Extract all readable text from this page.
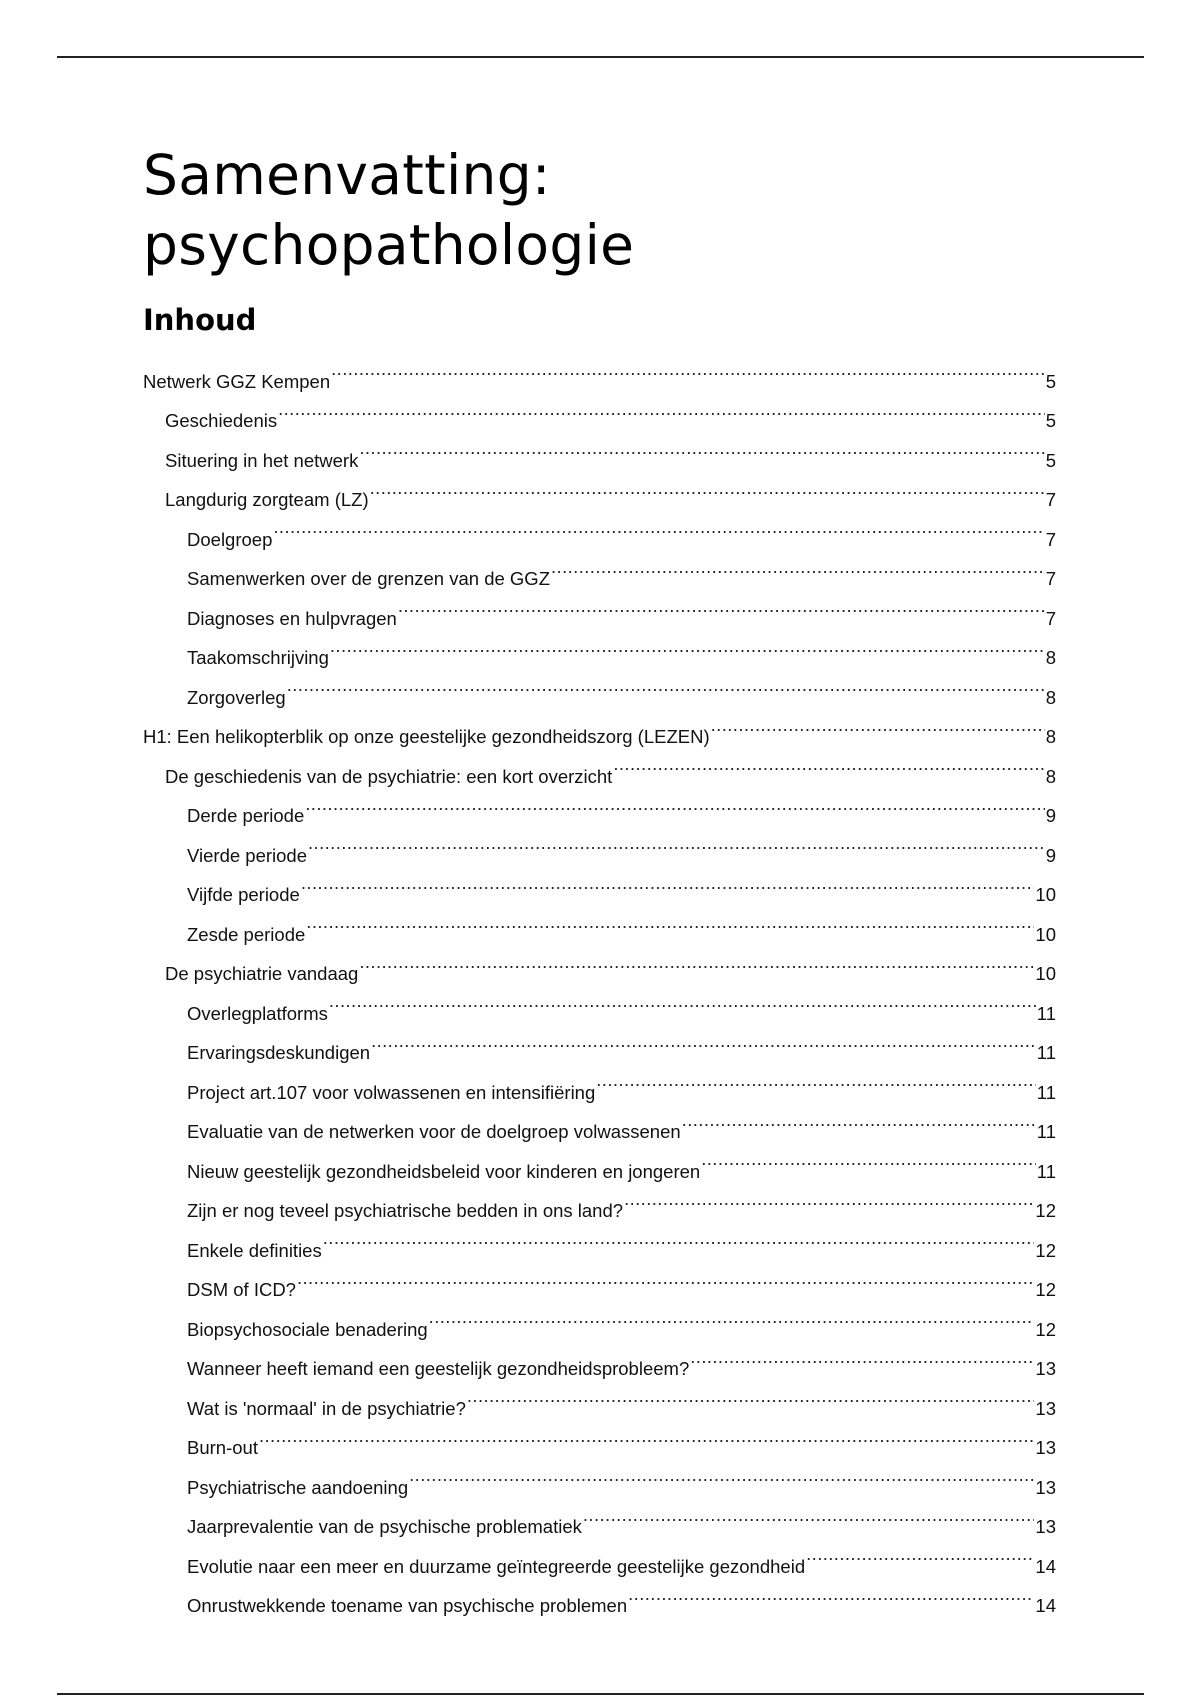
Samenvatting: psychopathologie
Inhoud
Netwerk GGZ Kempen .....	5
Geschiedenis .....	5
Situering in het netwerk .....	5
Langdurig zorgteam (LZ) .....	7
Doelgroep .....	7
Samenwerken over de grenzen van de GGZ .....	7
Diagnoses en hulpvragen .....	7
Taakomschrijving .....	8
Zorgoverleg .....	8
H1: Een helikopterblik op onze geestelijke gezondheidszorg (LEZEN) .....	8
De geschiedenis van de psychiatrie: een kort overzicht .....	8
Derde periode .....	9
Vierde periode .....	9
Vijfde periode .....	10
Zesde periode .....	10
De psychiatrie vandaag .....	10
Overlegplatforms .....	11
Ervaringsdeskundigen .....	11
Project art.107 voor volwassenen en intensifiëring .....	11
Evaluatie van de netwerken voor de doelgroep volwassenen .....	11
Nieuw geestelijk gezondheidsbeleid voor kinderen en jongeren .....	11
Zijn er nog teveel psychiatrische bedden in ons land? .....	12
Enkele definities .....	12
DSM of ICD? .....	12
Biopsychosociale benadering .....	12
Wanneer heeft iemand een geestelijk gezondheidsprobleem? .....	13
Wat is 'normaal' in de psychiatrie? .....	13
Burn-out .....	13
Psychiatrische aandoening .....	13
Jaarprevalentie van de psychische problematiek .....	13
Evolutie naar een meer en duurzame geïntegreerde geestelijke gezondheid .....	14
Onrustwekkende toename van psychische problemen .....	14
